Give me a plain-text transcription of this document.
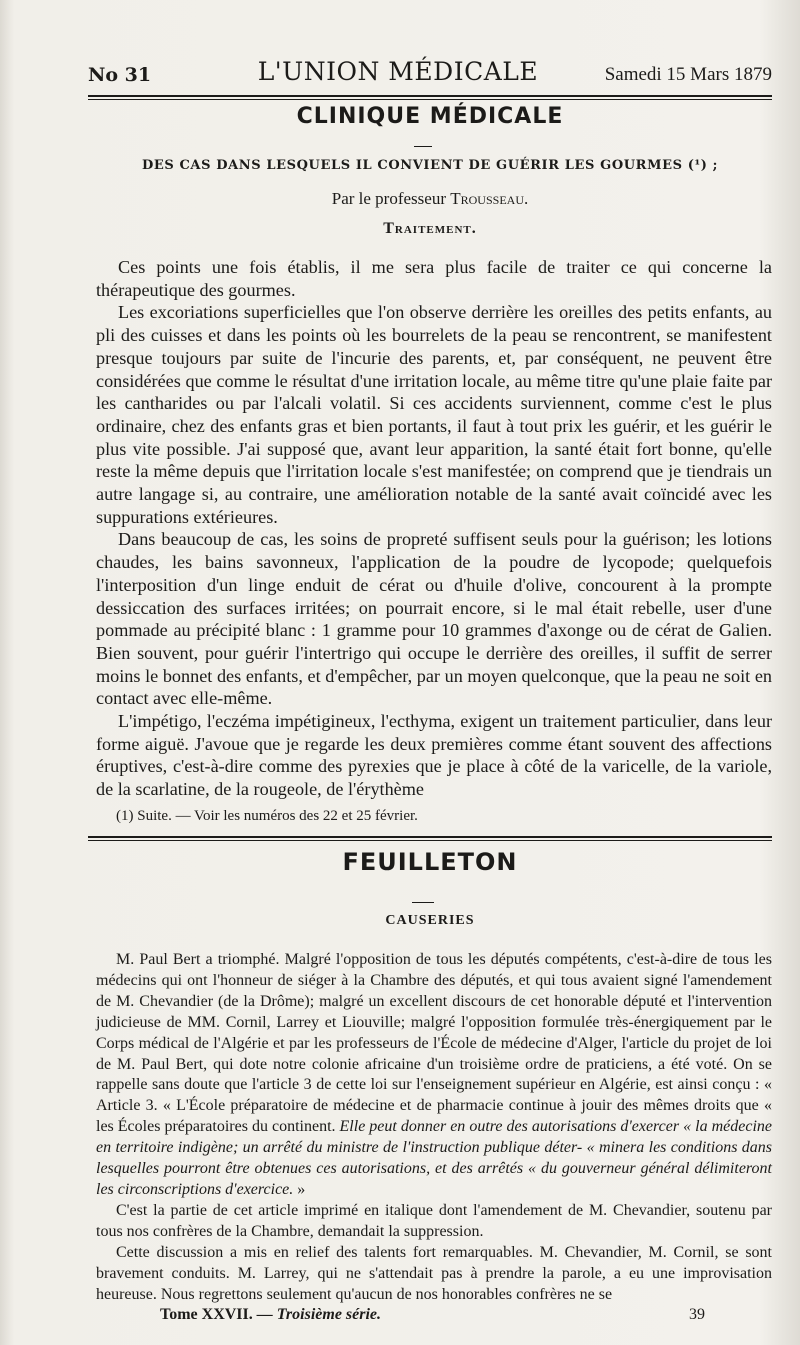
No 31	L'UNION MÉDICALE	Samedi 15 Mars 1879
CLINIQUE MÉDICALE
DES CAS DANS LESQUELS IL CONVIENT DE GUÉRIR LES GOURMES (¹) ;
Par le professeur Trousseau.
Traitement.

Ces points une fois établis, il me sera plus facile de traiter ce qui concerne la thérapeutique des gourmes.

Les excoriations superficielles que l'on observe derrière les oreilles des petits enfants, au pli des cuisses et dans les points où les bourrelets de la peau se rencontrent, se manifestent presque toujours par suite de l'incurie des parents, et, par conséquent, ne peuvent être considérées que comme le résultat d'une irritation locale, au même titre qu'une plaie faite par les cantharides ou par l'alcali volatil. Si ces accidents surviennent, comme c'est le plus ordinaire, chez des enfants gras et bien portants, il faut à tout prix les guérir, et les guérir le plus vite possible. J'ai supposé que, avant leur apparition, la santé était fort bonne, qu'elle reste la même depuis que l'irritation locale s'est manifestée; on comprend que je tiendrais un autre langage si, au contraire, une amélioration notable de la santé avait coïncidé avec les suppurations extérieures.

Dans beaucoup de cas, les soins de propreté suffisent seuls pour la guérison; les lotions chaudes, les bains savonneux, l'application de la poudre de lycopode; quelquefois l'interposition d'un linge enduit de cérat ou d'huile d'olive, concourent à la prompte dessiccation des surfaces irritées; on pourrait encore, si le mal était rebelle, user d'une pommade au précipité blanc : 1 gramme pour 10 grammes d'axonge ou de cérat de Galien. Bien souvent, pour guérir l'intertrigo qui occupe le derrière des oreilles, il suffit de serrer moins le bonnet des enfants, et d'empêcher, par un moyen quelconque, que la peau ne soit en contact avec elle-même.

L'impétigo, l'eczéma impétigineux, l'ecthyma, exigent un traitement particulier, dans leur forme aiguë. J'avoue que je regarde les deux premières comme étant souvent des affections éruptives, c'est-à-dire comme des pyrexies que je place à côté de la varicelle, de la variole, de la scarlatine, de la rougeole, de l'érythème

(1) Suite. — Voir les numéros des 22 et 25 février.
FEUILLETON
CAUSERIES

M. Paul Bert a triomphé. Malgré l'opposition de tous les députés compétents, c'est-à-dire de tous les médecins qui ont l'honneur de siéger à la Chambre des députés, et qui tous avaient signé l'amendement de M. Chevandier (de la Drôme); malgré un excellent discours de cet honorable député et l'intervention judicieuse de MM. Cornil, Larrey et Liouville; malgré l'opposition formulée très-énergiquement par le Corps médical de l'Algérie et par les professeurs de l'École de médecine d'Alger, l'article du projet de loi de M. Paul Bert, qui dote notre colonie africaine d'un troisième ordre de praticiens, a été voté. On se rappelle sans doute que l'article 3 de cette loi sur l'enseignement supérieur en Algérie, est ainsi conçu : « Article 3. « L'École préparatoire de médecine et de pharmacie continue à jouir des mêmes droits que « les Écoles préparatoires du continent. Elle peut donner en outre des autorisations d'exercer « la médecine en territoire indigène; un arrêté du ministre de l'instruction publique déter- « minera les conditions dans lesquelles pourront être obtenues ces autorisations, et des arrêtés « du gouverneur général délimiteront les circonscriptions d'exercice. »

C'est la partie de cet article imprimé en italique dont l'amendement de M. Chevandier, soutenu par tous nos confrères de la Chambre, demandait la suppression.

Cette discussion a mis en relief des talents fort remarquables. M. Chevandier, M. Cornil, se sont bravement conduits. M. Larrey, qui ne s'attendait pas à prendre la parole, a eu une improvisation heureuse. Nous regrettons seulement qu'aucun de nos honorables confrères ne se

Tome XXVII. — Troisième série.	39
